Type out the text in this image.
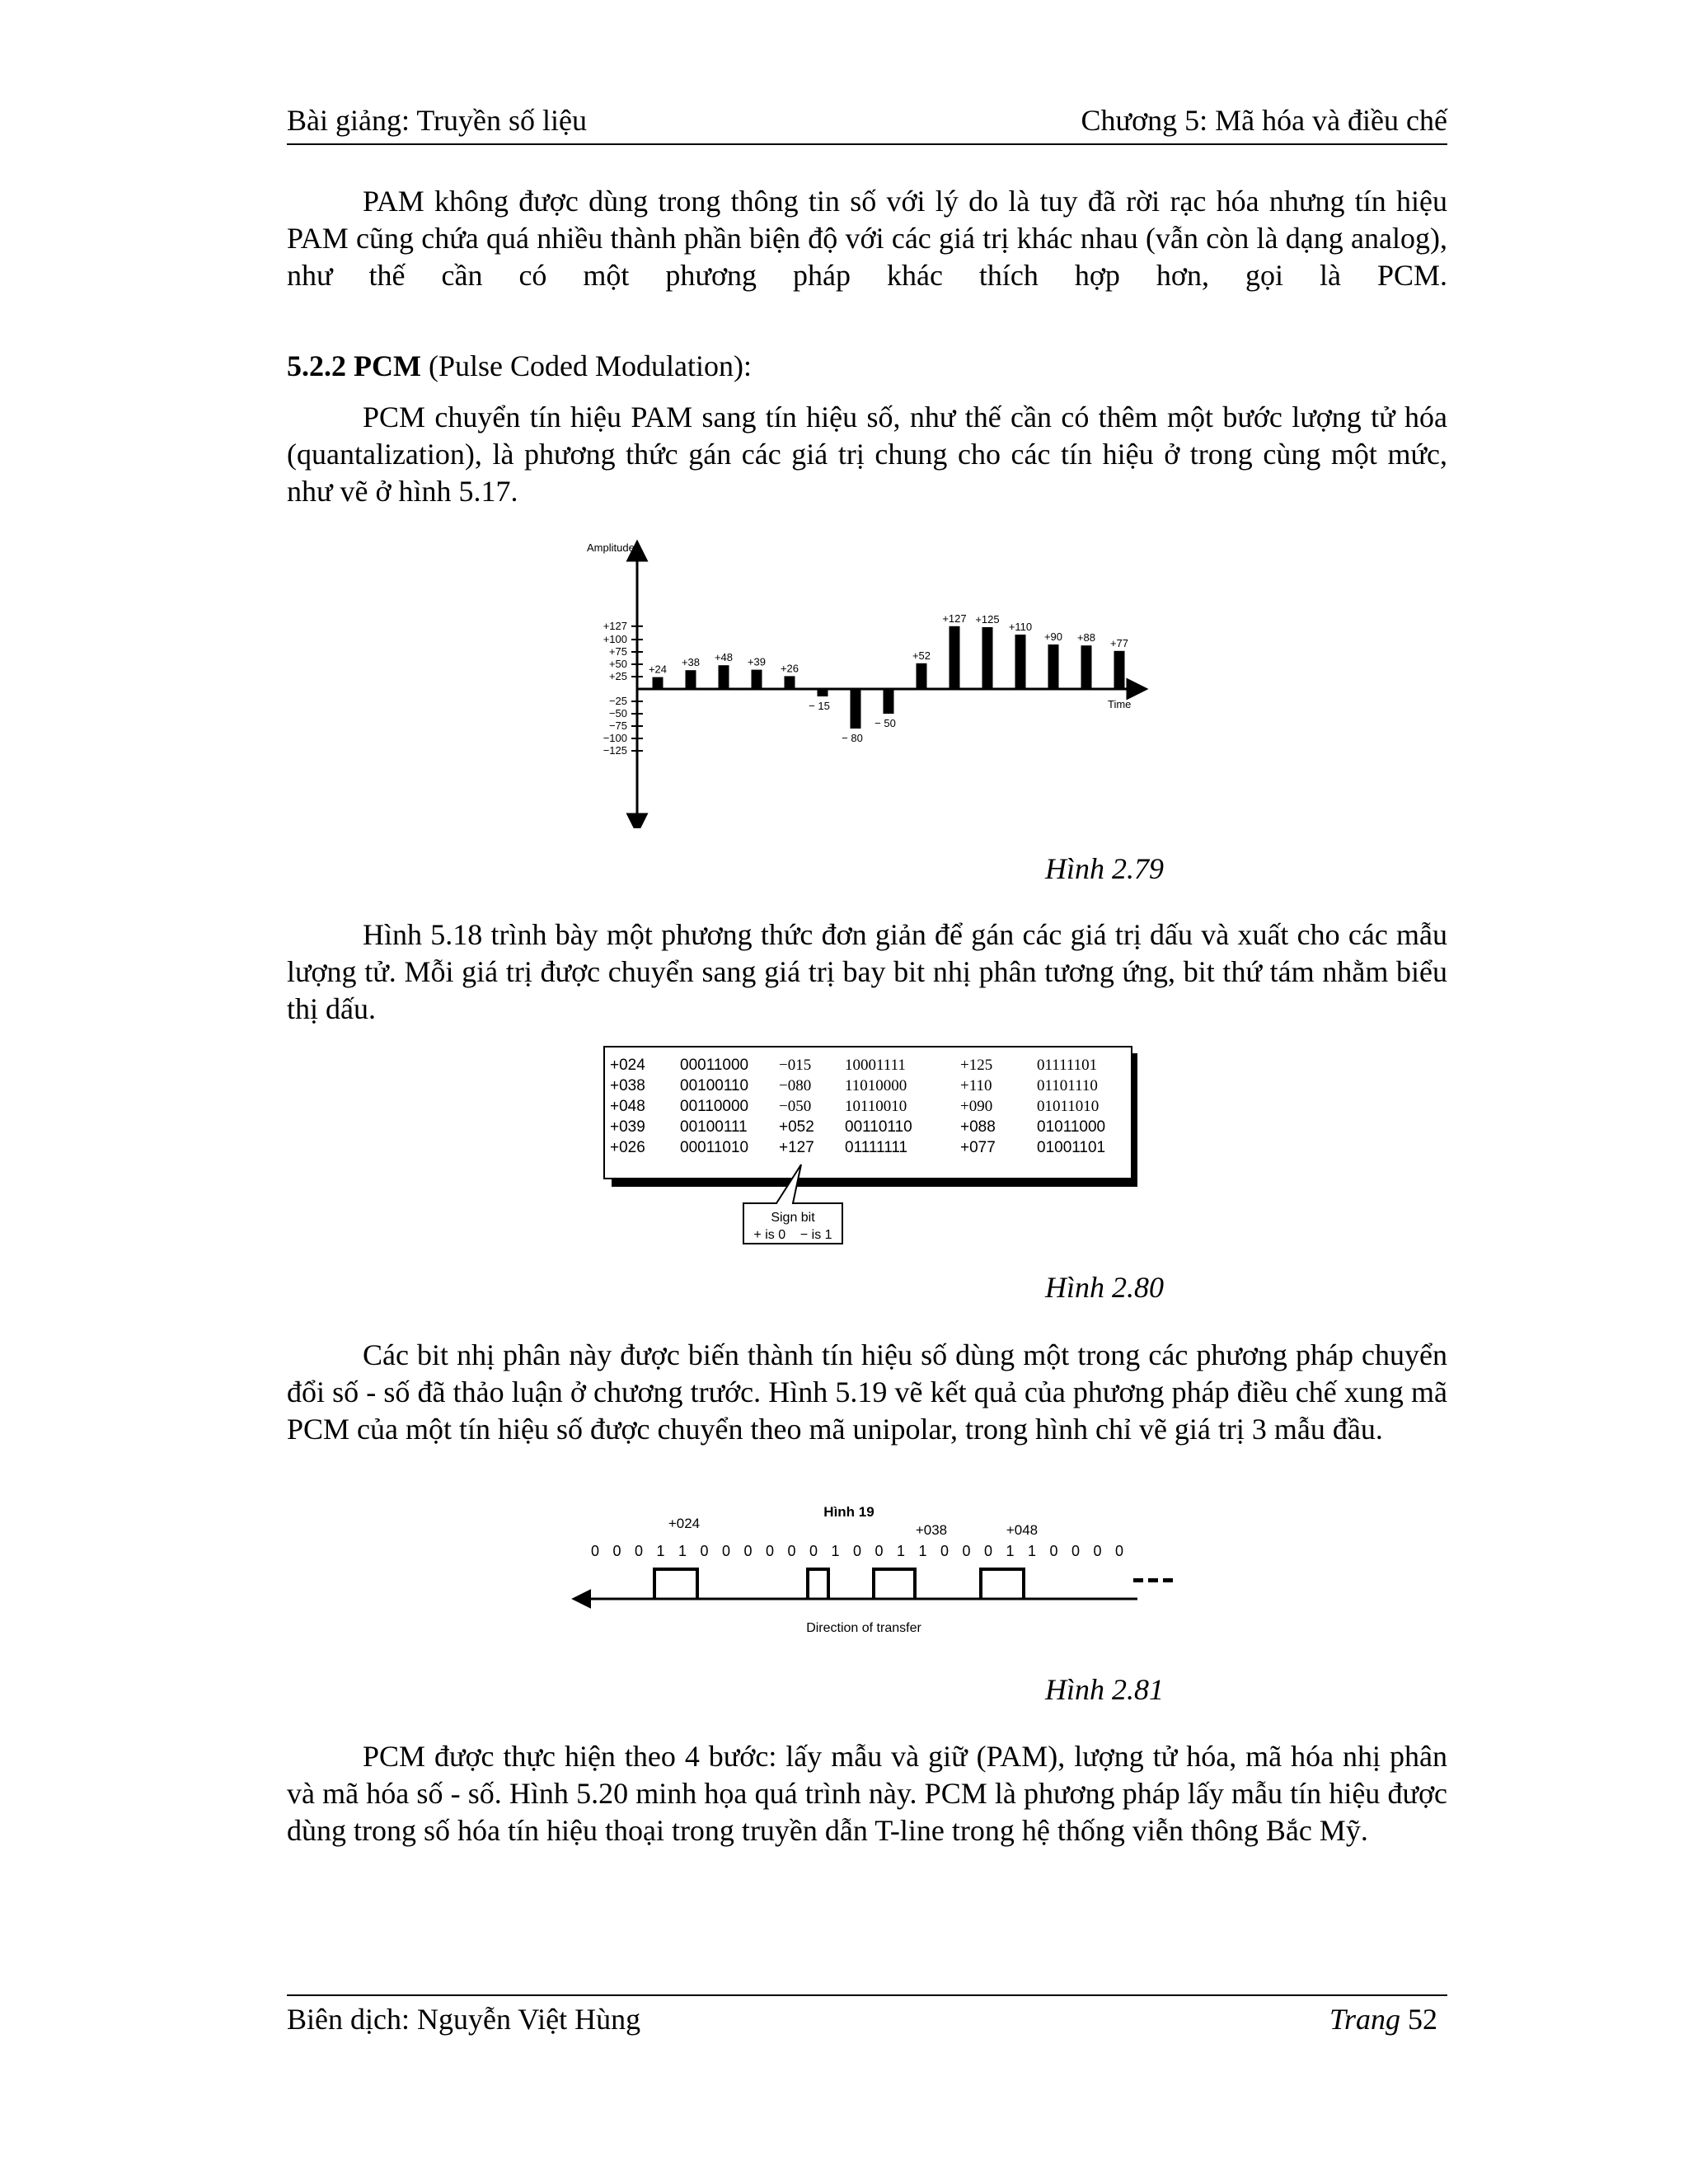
Bài giảng: Truyền số liệu	Chương 5: Mã hóa và điều chế

PAM không được dùng trong thông tin số với lý do là tuy đã rời rạc hóa nhưng tín hiệu PAM cũng chứa quá nhiều thành phần biện độ với các giá trị khác nhau (vẫn còn là dạng analog), như thế cần có một phương pháp khác thích hợp hơn, gọi là PCM.

5.2.2 PCM (Pulse Coded Modulation):

PCM chuyển tín hiệu PAM sang tín hiệu số, như thế cần có thêm một bước lượng tử hóa (quantalization), là phương thức gán các giá trị chung cho các tín hiệu ở trong cùng một mức, như vẽ ở hình 5.17.

Amplitude
Time
+127
+100
+75
+50
+25
−25
−50
−75
−100
−125
+24
+38 +48 +39
+26
− 15
− 80
− 50
+52
+127 +125
+110
+90 +88 +77
Hình 2.79

Hình 5.18 trình bày một phương thức đơn giản để gán các giá trị dấu và xuất cho các mẫu lượng tử. Mỗi giá trị được chuyển sang giá trị bay bit nhị phân tương ứng, bit thứ tám nhằm biểu thị dấu.

+024 00011000 −015 10001111	+125	01111101
+038 00100110 −080 11010000	+110	01101110
+048 00110000 −050 10110010	+090	01011010
+039 00100111 +052 00110110	+088	01011000
+026 00011010 +127 01111111	+077	01001101
Sign bit
+ is 0    − is 1
Hình 2.80

Các bit nhị phân này được biến thành tín hiệu số dùng một trong các phương pháp chuyển đổi số - số đã thảo luận ở chương trước. Hình 5.19 vẽ kết quả của phương pháp điều chế xung mã PCM của một tín hiệu số được chuyển theo mã unipolar, trong hình chỉ vẽ giá trị 3 mẫu đầu.

Hình 19
+024	+038	+048
0 0 0 1 1 0 0 0 0 0 0 1 0 0 1 1 0 0 0 1 1 0 0 0 0
Direction of transfer
Hình 2.81

PCM được thực hiện theo 4 bước: lấy mẫu và giữ (PAM), lượng tử hóa, mã hóa nhị phân và mã hóa số - số. Hình 5.20 minh họa quá trình này. PCM là phương pháp lấy mẫu tín hiệu được dùng trong số hóa tín hiệu thoại trong truyền dẫn T-line trong hệ thống viễn thông Bắc Mỹ.

Biên dịch: Nguyễn Việt Hùng	Trang 52
